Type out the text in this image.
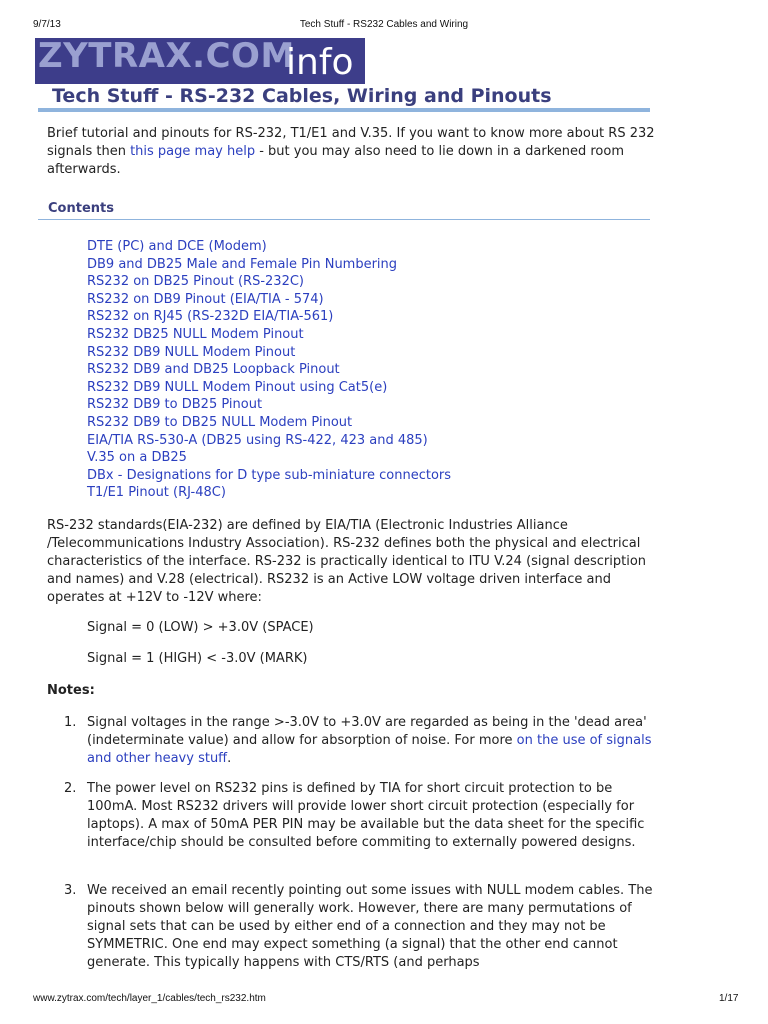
9/7/13	Tech Stuff - RS232 Cables and Wiring
ZYTRAX.COM
info
Tech Stuff - RS-232 Cables, Wiring and Pinouts

Brief tutorial and pinouts for RS-232, T1/E1 and V.35. If you want to know more about RS 232 signals then this page may help - but you may also need to lie down in a darkened room afterwards.

Contents
DTE (PC) and DCE (Modem)
DB9 and DB25 Male and Female Pin Numbering
RS232 on DB25 Pinout (RS-232C)
RS232 on DB9 Pinout (EIA/TIA - 574)
RS232 on RJ45 (RS-232D EIA/TIA-561)
RS232 DB25 NULL Modem Pinout
RS232 DB9 NULL Modem Pinout
RS232 DB9 and DB25 Loopback Pinout
RS232 DB9 NULL Modem Pinout using Cat5(e)
RS232 DB9 to DB25 Pinout
RS232 DB9 to DB25 NULL Modem Pinout
EIA/TIA RS-530-A (DB25 using RS-422, 423 and 485)
V.35 on a DB25
DBx - Designations for D type sub-miniature connectors
T1/E1 Pinout (RJ-48C)

RS-232 standards(EIA-232) are defined by EIA/TIA (Electronic Industries Alliance /Telecommunications Industry Association). RS-232 defines both the physical and electrical characteristics of the interface. RS-232 is practically identical to ITU V.24 (signal description and names) and V.28 (electrical). RS232 is an Active LOW voltage driven interface and operates at +12V to -12V where:

Signal = 0 (LOW) > +3.0V (SPACE)

Signal = 1 (HIGH) < -3.0V (MARK)

Notes:
1. Signal voltages in the range >-3.0V to +3.0V are regarded as being in the 'dead area' (indeterminate value) and allow for absorption of noise. For more on the use of signals and other heavy stuff.
2. The power level on RS232 pins is defined by TIA for short circuit protection to be 100mA. Most RS232 drivers will provide lower short circuit protection (especially for laptops). A max of 50mA PER PIN may be available but the data sheet for the specific interface/chip should be consulted before commiting to externally powered designs.
3. We received an email recently pointing out some issues with NULL modem cables. The pinouts shown below will generally work. However, there are many permutations of signal sets that can be used by either end of a connection and they may not be SYMMETRIC. One end may expect something (a signal) that the other end cannot generate. This typically happens with CTS/RTS (and perhaps
www.zytrax.com/tech/layer_1/cables/tech_rs232.htm	1/17
